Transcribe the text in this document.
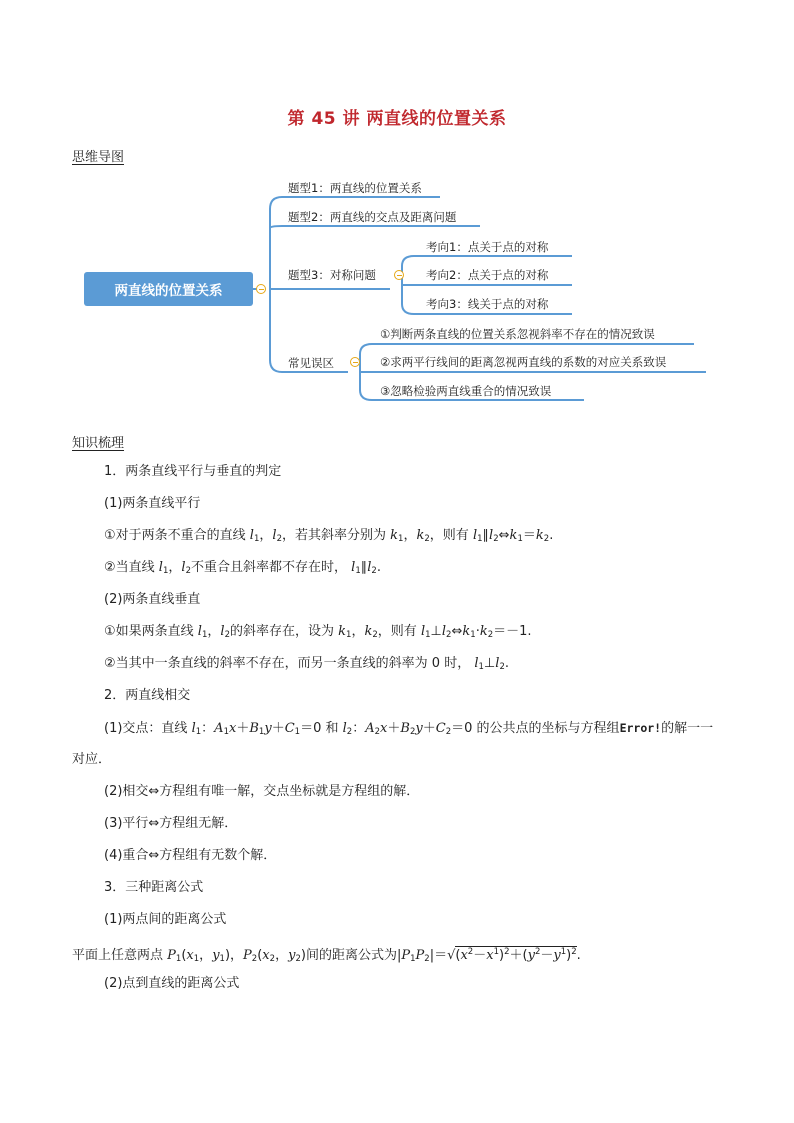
第 45 讲 两直线的位置关系
思维导图
两直线的位置关系
题型1：两直线的位置关系
题型2：两直线的交点及距离问题
题型3：对称问题
考向1：点关于点的对称
考向2：点关于点的对称
考向3：线关于点的对称
常见误区
①判断两条直线的位置关系忽视斜率不存在的情况致误
②求两平行线间的距离忽视两直线的系数的对应关系致误
③忽略检验两直线重合的情况致误
知识梳理
1．两条直线平行与垂直的判定
(1)两条直线平行
①对于两条不重合的直线 $l_1$，$l_2$，若其斜率分别为 $k_1$，$k_2$，则有 $l_1\parallel l_2\Leftrightarrow k_1=k_2$.
②当直线 $l_1$，$l_2$不重合且斜率都不存在时， $l_1\parallel l_2$.
(2)两条直线垂直
①如果两条直线 $l_1$，$l_2$的斜率存在，设为 $k_1$，$k_2$，则有 $l_1\perp l_2\Leftrightarrow k_1\cdot k_2=-1$.
②当其中一条直线的斜率不存在，而另一条直线的斜率为 0 时， $l_1\perp l_2$.
2．两直线相交
(1)交点：直线 $l_1$：$A_1x+B_1y+C_1=0$ 和 $l_2$：$A_2x+B_2y+C_2=0$ 的公共点的坐标与方程组Error!的解一一
对应．
(2)相交⇔方程组有唯一解，交点坐标就是方程组的解．
(3)平行⇔方程组无解．
(4)重合⇔方程组有无数个解．
3．三种距离公式
(1)两点间的距离公式
平面上任意两点 $P_1(x_1$，$y_1$)，$P_2(x_2$，$y_2$)间的距离公式为$|P_1P_2|=√(x^2-x^1)^2+(y^2-y^1)^2$.
(2)点到直线的距离公式
